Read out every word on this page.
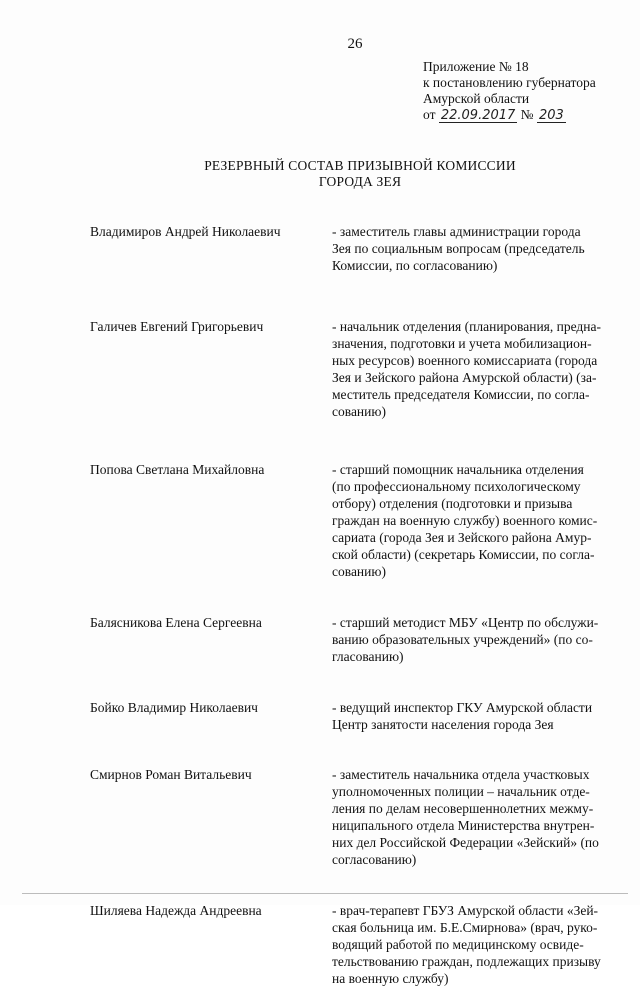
26
Приложение № 18
к постановлению губернатора
Амурской области
от 22.09.2017 № 203
РЕЗЕРВНЫЙ СОСТАВ ПРИЗЫВНОЙ КОМИССИИ
ГОРОДА ЗЕЯ
Владимиров Андрей Николаевич	- заместитель главы администрации города
Зея по социальным вопросам (председатель
Комиссии, по согласованию)
Галичев Евгений Григорьевич	- начальник отделения (планирования, предна-
значения, подготовки и учета мобилизацион-
ных ресурсов) военного комиссариата (города
Зея и Зейского района Амурской области) (за-
меститель председателя Комиссии, по согла-
сованию)
Попова Светлана Михайловна	- старший помощник начальника отделения
(по профессиональному психологическому
отбору) отделения (подготовки и призыва
граждан на военную службу) военного комис-
сариата (города Зея и Зейского района Амур-
ской области) (секретарь Комиссии, по согла-
сованию)
Балясникова Елена Сергеевна	- старший методист МБУ «Центр по обслужи-
ванию образовательных учреждений» (по со-
гласованию)
Бойко Владимир Николаевич	- ведущий инспектор ГКУ Амурской области
Центр занятости населения города Зея
Смирнов Роман Витальевич	- заместитель начальника отдела участковых
уполномоченных полиции – начальник отде-
ления по делам несовершеннолетних межму-
ниципального отдела Министерства внутрен-
них дел Российской Федерации «Зейский» (по
согласованию)
Шиляева Надежда Андреевна	- врач-терапевт ГБУЗ Амурской области «Зей-
ская больница им. Б.Е.Смирнова» (врач, руко-
водящий работой по медицинскому освиде-
тельствованию граждан, подлежащих призыву
на военную службу)
